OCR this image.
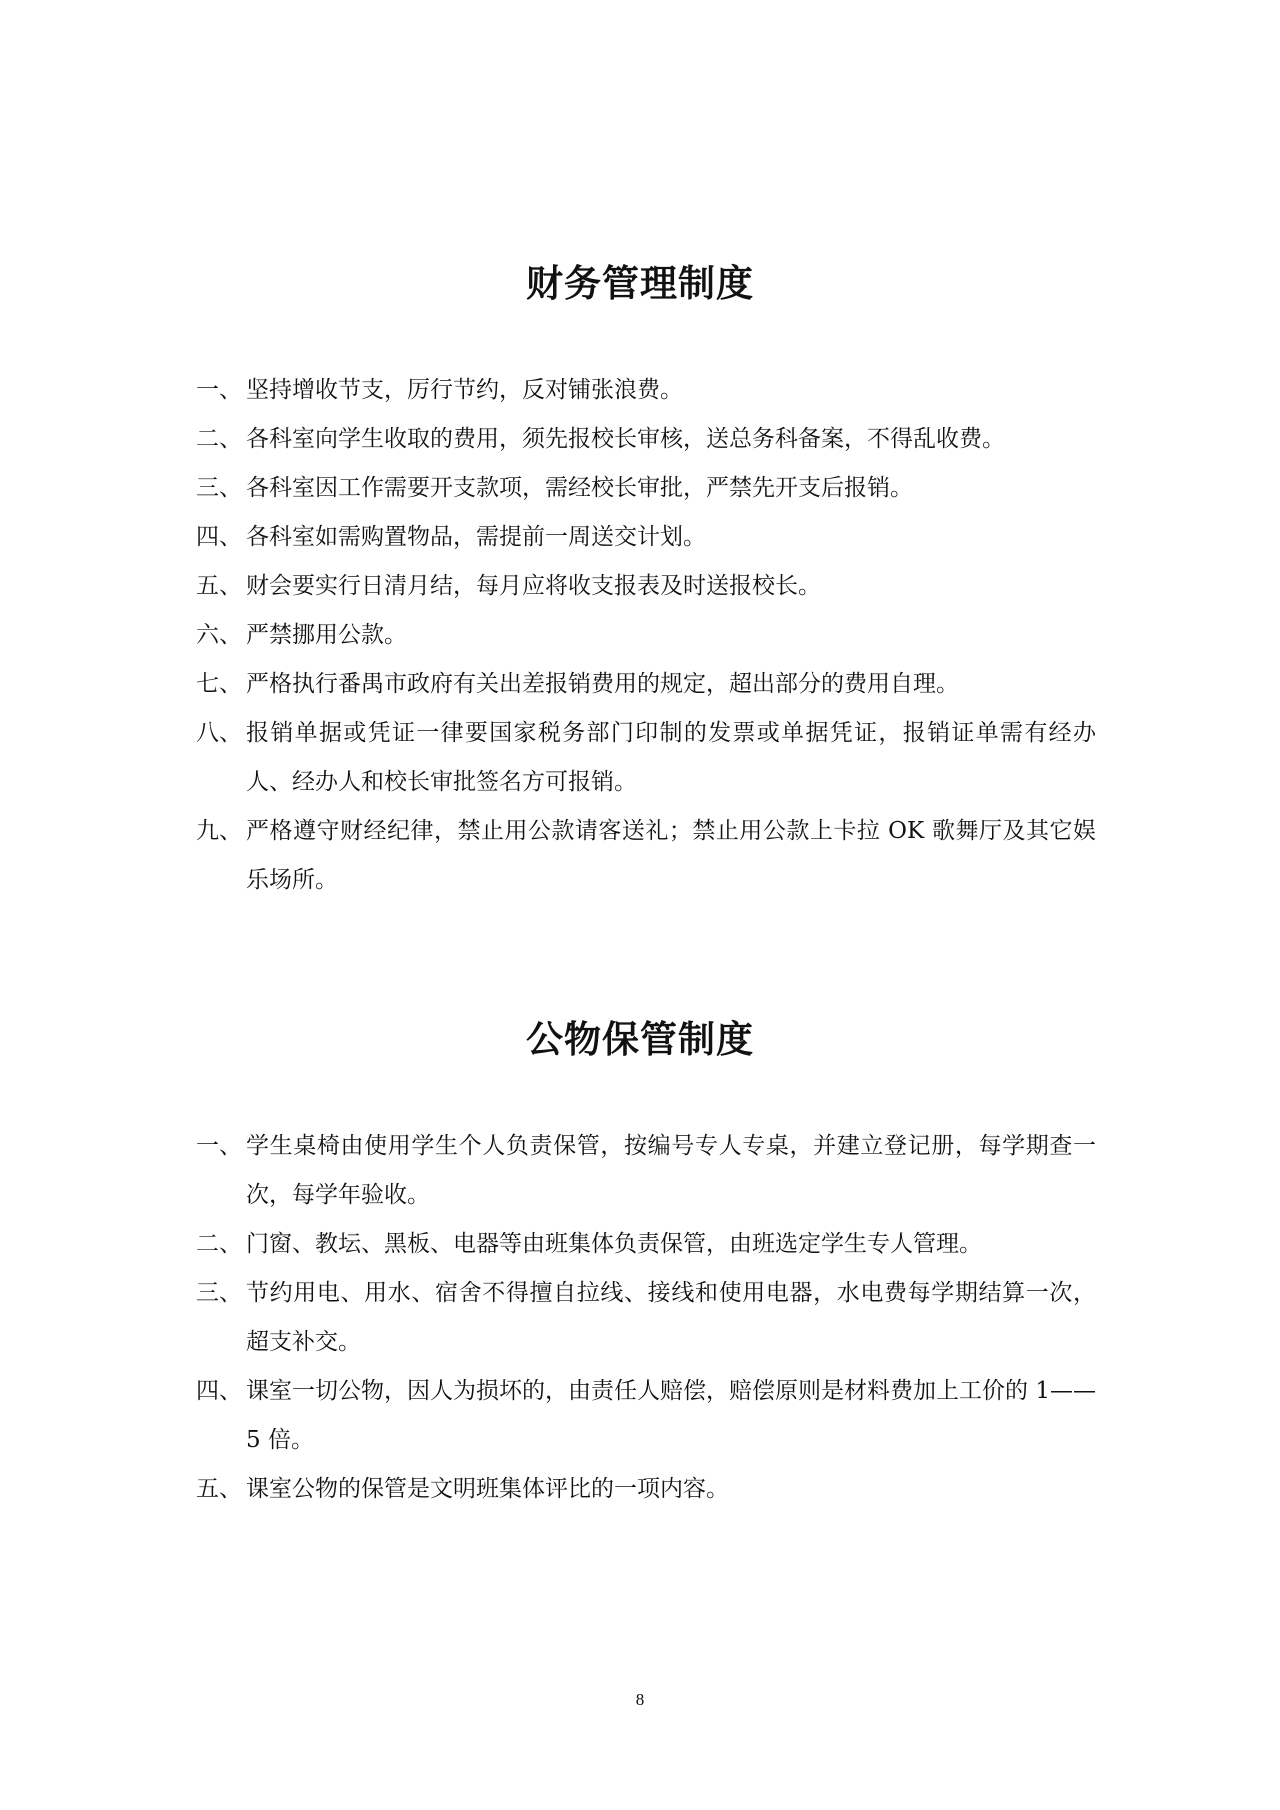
财务管理制度
一、 坚持增收节支，厉行节约，反对铺张浪费。
二、 各科室向学生收取的费用，须先报校长审核，送总务科备案，不得乱收费。
三、 各科室因工作需要开支款项，需经校长审批，严禁先开支后报销。
四、 各科室如需购置物品，需提前一周送交计划。
五、 财会要实行日清月结，每月应将收支报表及时送报校长。
六、 严禁挪用公款。
七、 严格执行番禺市政府有关出差报销费用的规定，超出部分的费用自理。
八、 报销单据或凭证一律要国家税务部门印制的发票或单据凭证，报销证单需有经办人、经办人和校长审批签名方可报销。
九、 严格遵守财经纪律，禁止用公款请客送礼；禁止用公款上卡拉 OK 歌舞厅及其它娱乐场所。
公物保管制度
一、 学生桌椅由使用学生个人负责保管，按编号专人专桌，并建立登记册，每学期查一次，每学年验收。
二、 门窗、教坛、黑板、电器等由班集体负责保管，由班选定学生专人管理。
三、 节约用电、用水、宿舍不得擅自拉线、接线和使用电器，水电费每学期结算一次，超支补交。
四、 课室一切公物，因人为损坏的，由责任人赔偿，赔偿原则是材料费加上工价的 1——5 倍。
五、 课室公物的保管是文明班集体评比的一项内容。
8
